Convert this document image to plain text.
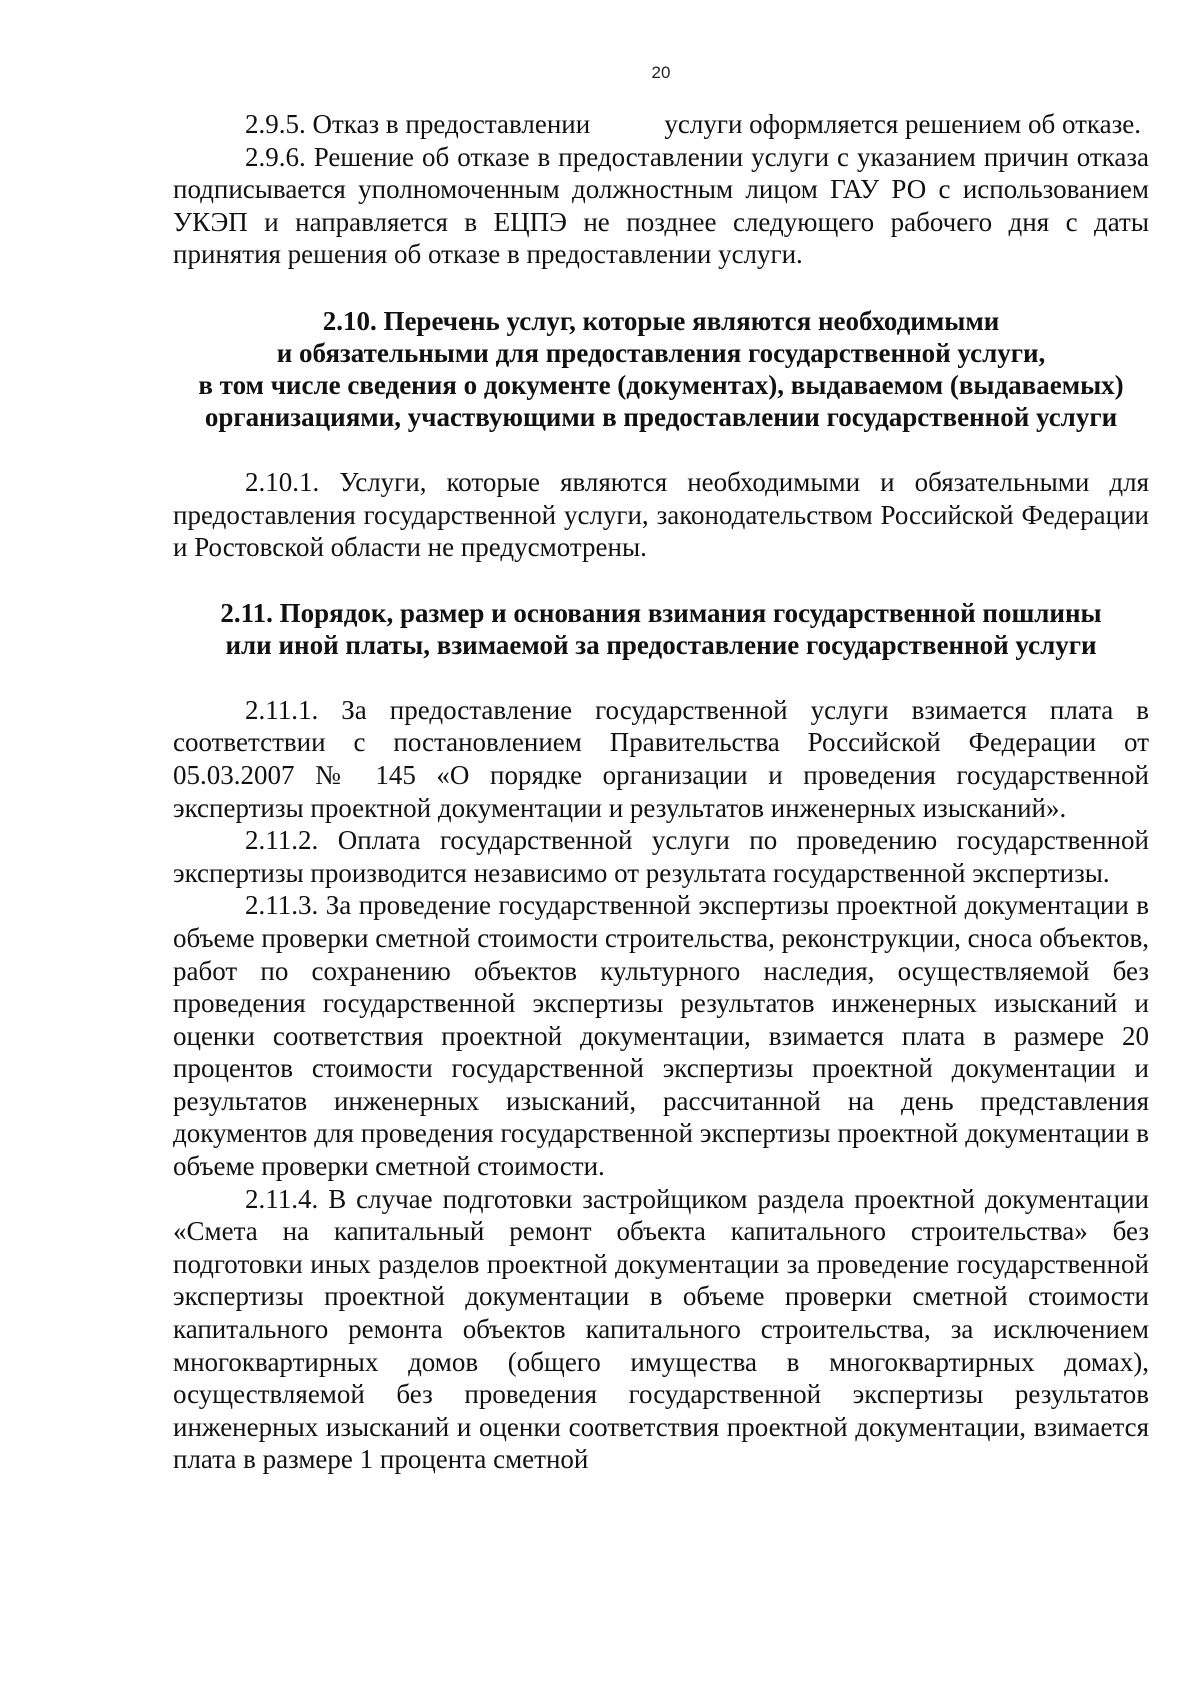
20

2.9.5. Отказ в предоставлении           услуги оформляется решением об отказе.

2.9.6. Решение об отказе в предоставлении услуги с указанием причин отказа подписывается уполномоченным должностным лицом ГАУ РО с использованием УКЭП и направляется в ЕЦПЭ не позднее следующего рабочего дня с даты принятия решения об отказе в предоставлении услуги.

2.10. Перечень услуг, которые являются необходимыми
и обязательными для предоставления государственной услуги,
в том числе сведения о документе (документах), выдаваемом (выдаваемых)
организациями, участвующими в предоставлении государственной услуги

2.10.1. Услуги, которые являются необходимыми и обязательными для предоставления государственной услуги, законодательством Российской Федерации и Ростовской области не предусмотрены.

2.11. Порядок, размер и основания взимания государственной пошлины
или иной платы, взимаемой за предоставление государственной услуги

2.11.1. За предоставление государственной услуги взимается плата в соответствии с постановлением Правительства Российской Федерации от 05.03.2007 № 145 «О порядке организации и проведения государственной экспертизы проектной документации и результатов инженерных изысканий».

2.11.2. Оплата государственной услуги по проведению государственной экспертизы производится независимо от результата государственной экспертизы.

2.11.3. За проведение государственной экспертизы проектной документации в объеме проверки сметной стоимости строительства, реконструкции, сноса объектов, работ по сохранению объектов культурного наследия, осуществляемой без проведения государственной экспертизы результатов инженерных изысканий и оценки соответствия проектной документации, взимается плата в размере 20 процентов стоимости государственной экспертизы проектной документации и результатов инженерных изысканий, рассчитанной на день представления документов для проведения государственной экспертизы проектной документации в объеме проверки сметной стоимости.

2.11.4. В случае подготовки застройщиком раздела проектной документации «Смета на капитальный ремонт объекта капитального строительства» без подготовки иных разделов проектной документации за проведение государственной экспертизы проектной документации в объеме проверки сметной стоимости капитального ремонта объектов капитального строительства, за исключением многоквартирных домов (общего имущества в многоквартирных домах), осуществляемой без проведения государственной экспертизы результатов инженерных изысканий и оценки соответствия проектной документации, взимается плата в размере 1 процента сметной
